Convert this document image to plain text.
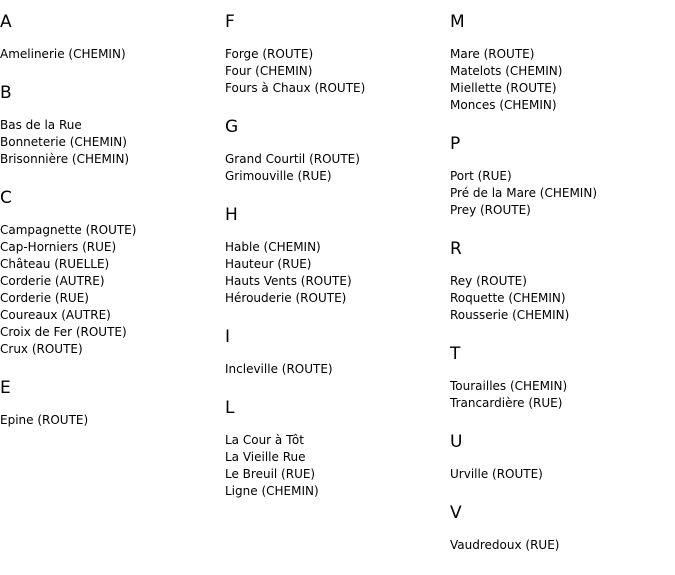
A
Amelinerie (CHEMIN)
B
Bas de la Rue
Bonneterie (CHEMIN)
Brisonnière (CHEMIN)
C
Campagnette (ROUTE)
Cap-Horniers (RUE)
Château (RUELLE)
Corderie (AUTRE)
Corderie (RUE)
Coureaux (AUTRE)
Croix de Fer (ROUTE)
Crux (ROUTE)
E
Epine (ROUTE)
F
Forge (ROUTE)
Four (CHEMIN)
Fours à Chaux (ROUTE)
G
Grand Courtil (ROUTE)
Grimouville (RUE)
H
Hable (CHEMIN)
Hauteur (RUE)
Hauts Vents (ROUTE)
Hérouderie (ROUTE)
I
Incleville (ROUTE)
L
La Cour à Tôt
La Vieille Rue
Le Breuil (RUE)
Ligne (CHEMIN)
M
Mare (ROUTE)
Matelots (CHEMIN)
Miellette (ROUTE)
Monces (CHEMIN)
P
Port (RUE)
Pré de la Mare (CHEMIN)
Prey (ROUTE)
R
Rey (ROUTE)
Roquette (CHEMIN)
Rousserie (CHEMIN)
T
Tourailles (CHEMIN)
Trancardière (RUE)
U
Urville (ROUTE)
V
Vaudredoux (RUE)
